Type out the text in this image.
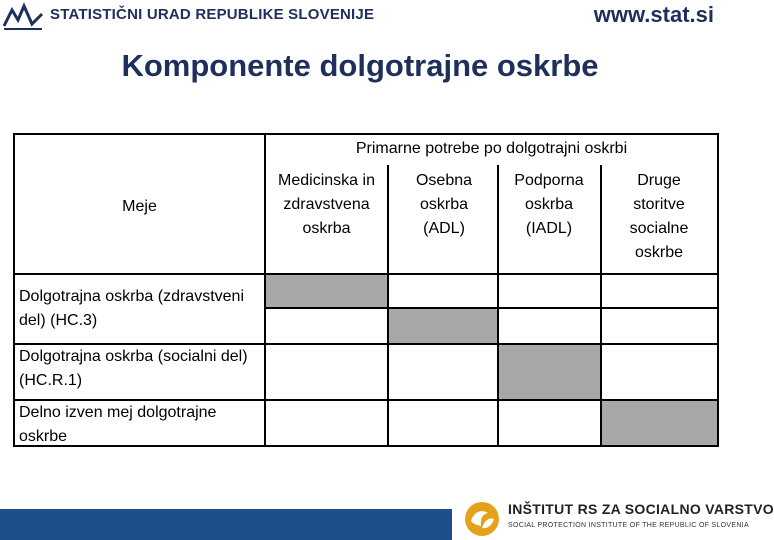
STATISTIČNI URAD REPUBLIKE SLOVENIJE	www.stat.si
Komponente dolgotrajne oskrbe
Primarne potrebe po dolgotrajni oskrbi
Meje
Medicinska in zdravstvena oskrba
Osebna oskrba (ADL)
Podporna oskrba (IADL)
Druge storitve socialne oskrbe
Dolgotrajna oskrba (zdravstveni del) (HC.3)
Dolgotrajna oskrba (socialni del) (HC.R.1)
Delno izven mej dolgotrajne oskrbe
INŠTITUT RS ZA SOCIALNO VARSTVO
SOCIAL PROTECTION INSTITUTE OF THE REPUBLIC OF SLOVENIA
